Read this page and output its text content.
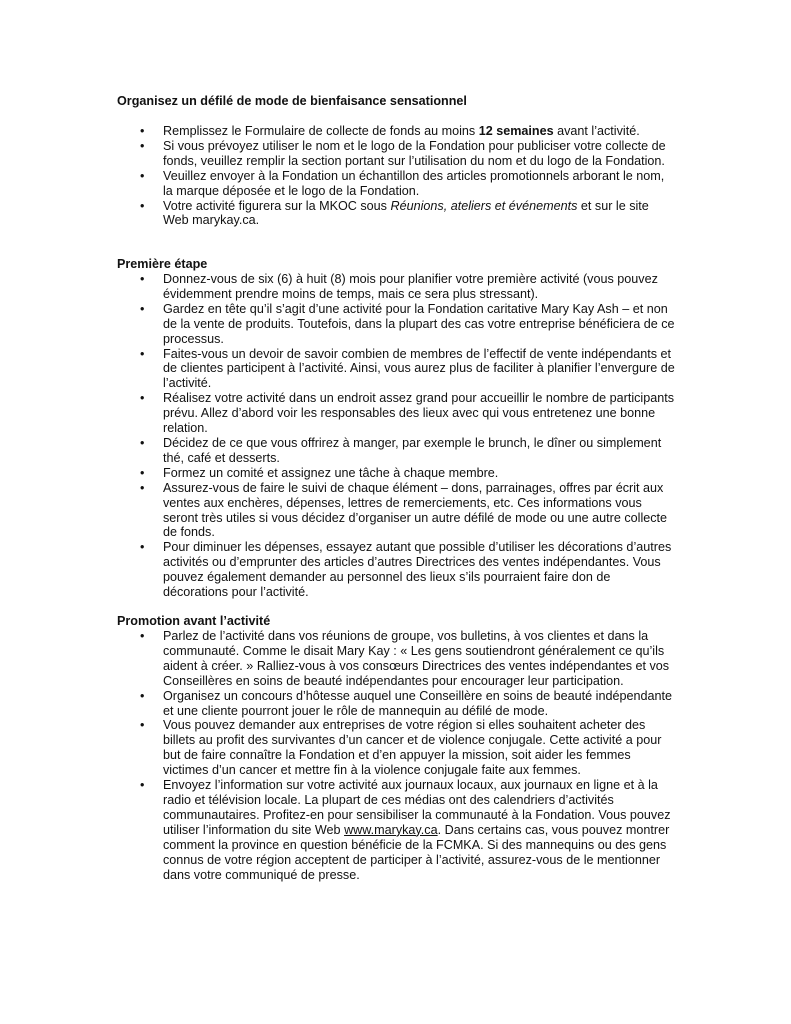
Organisez un défilé de mode de bienfaisance sensationnel

• Remplissez le Formulaire de collecte de fonds au moins 12 semaines avant l’activité.
• Si vous prévoyez utiliser le nom et le logo de la Fondation pour publiciser votre collecte de fonds, veuillez remplir la section portant sur l’utilisation du nom et du logo de la Fondation.
• Veuillez envoyer à la Fondation un échantillon des articles promotionnels arborant le nom, la marque déposée et le logo de la Fondation.
• Votre activité figurera sur la MKOC sous Réunions, ateliers et événements et sur le site Web marykay.ca.

Première étape

• Donnez-vous de six (6) à huit (8) mois pour planifier votre première activité (vous pouvez évidemment prendre moins de temps, mais ce sera plus stressant).
• Gardez en tête qu’il s’agit d’une activité pour la Fondation caritative Mary Kay Ash – et non de la vente de produits. Toutefois, dans la plupart des cas votre entreprise bénéficiera de ce processus.
• Faites-vous un devoir de savoir combien de membres de l’effectif de vente indépendants et de clientes participent à l’activité. Ainsi, vous aurez plus de faciliter à planifier l’envergure de l’activité.
• Réalisez votre activité dans un endroit assez grand pour accueillir le nombre de participants prévu. Allez d’abord voir les responsables des lieux avec qui vous entretenez une bonne relation.
• Décidez de ce que vous offrirez à manger, par exemple le brunch, le dîner ou simplement thé, café et desserts.
• Formez un comité et assignez une tâche à chaque membre.
• Assurez-vous de faire le suivi de chaque élément – dons, parrainages, offres par écrit aux ventes aux enchères, dépenses, lettres de remerciements, etc. Ces informations vous seront très utiles si vous décidez d’organiser un autre défilé de mode ou une autre collecte de fonds.
• Pour diminuer les dépenses, essayez autant que possible d’utiliser les décorations d’autres activités ou d’emprunter des articles d’autres Directrices des ventes indépendantes. Vous pouvez également demander au personnel des lieux s’ils pourraient faire don de décorations pour l’activité.

Promotion avant l’activité

• Parlez de l’activité dans vos réunions de groupe, vos bulletins, à vos clientes et dans la communauté. Comme le disait Mary Kay : « Les gens soutiendront généralement ce qu’ils aident à créer. » Ralliez-vous à vos consœurs Directrices des ventes indépendantes et vos Conseillères en soins de beauté indépendantes pour encourager leur participation.
• Organisez un concours d’hôtesse auquel une Conseillère en soins de beauté indépendante et une cliente pourront jouer le rôle de mannequin au défilé de mode.
• Vous pouvez demander aux entreprises de votre région si elles souhaitent acheter des billets au profit des survivantes d’un cancer et de violence conjugale. Cette activité a pour but de faire connaître la Fondation et d’en appuyer la mission, soit aider les femmes victimes d’un cancer et mettre fin à la violence conjugale faite aux femmes.
• Envoyez l’information sur votre activité aux journaux locaux, aux journaux en ligne et à la radio et télévision locale. La plupart de ces médias ont des calendriers d’activités communautaires. Profitez-en pour sensibiliser la communauté à la Fondation. Vous pouvez utiliser l’information du site Web www.marykay.ca. Dans certains cas, vous pouvez montrer comment la province en question bénéficie de la FCMKA. Si des mannequins ou des gens connus de votre région acceptent de participer à l’activité, assurez-vous de le mentionner dans votre communiqué de presse.
